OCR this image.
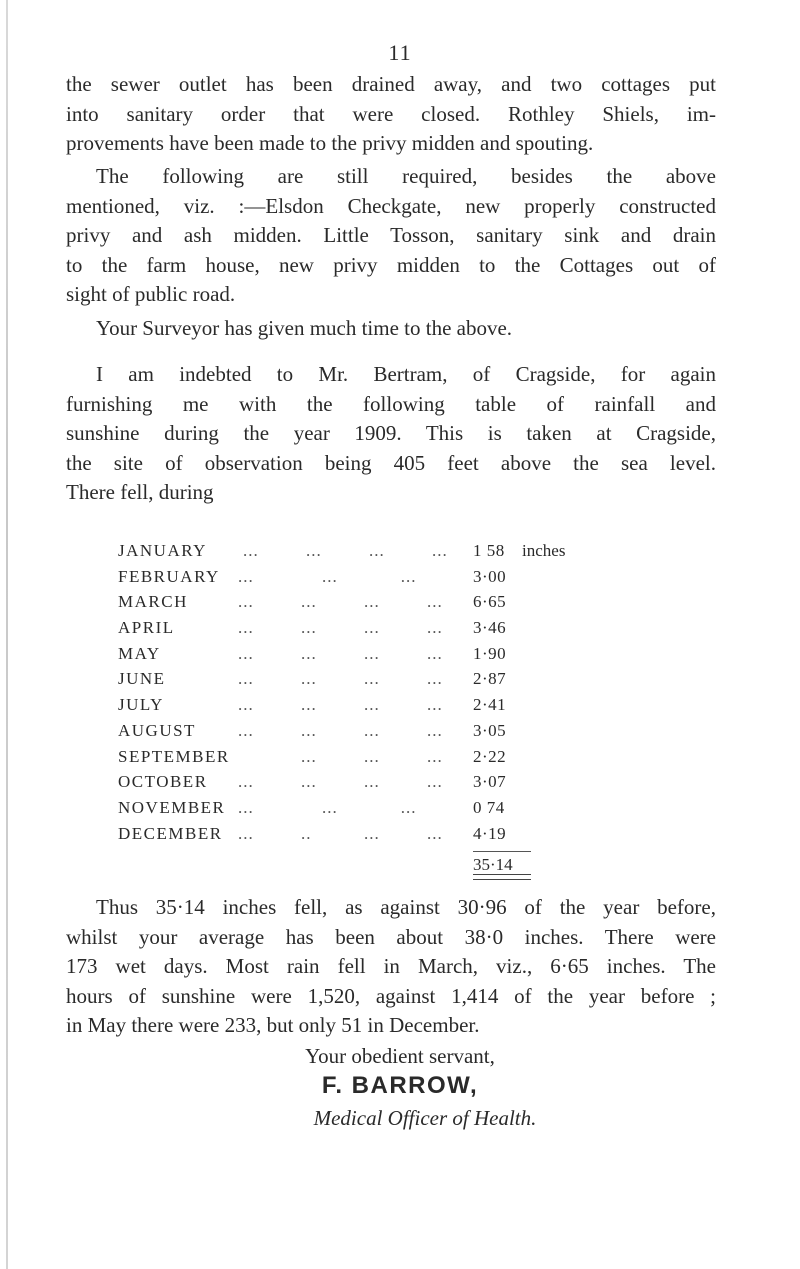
11

the sewer outlet has been drained away, and two cottages put
into sanitary order that were closed. Rothley Shiels, im-
provements have been made to the privy midden and spouting.

The following are still required, besides the above
mentioned, viz. :—Elsdon Checkgate, new properly constructed
privy and ash midden. Little Tosson, sanitary sink and drain
to the farm house, new privy midden to the Cottages out of
sight of public road.

Your Surveyor has given much time to the above.

I am indebted to Mr. Bertram, of Cragside, for again
furnishing me with the following table of rainfall and
sunshine during the year 1909. This is taken at Cragside,
the site of observation being 405 feet above the sea level.
There fell, during

JANUARY ...         ...         ...         ...	1 58 inches
FEBRUARY ...             ...            ...	3·00
MARCH	...         ...         ...         ...	6·65
APRIL	...         ...         ...         ...	3·46
MAY	...         ...         ...         ...	1·90
JUNE	...         ...         ...         ...	2·87
JULY	...         ...         ...         ...	2·41
AUGUST ...         ...         ...         ...	3·05
SEPTEMBER ...         ...         ...	2·22
OCTOBER ...         ...         ...         ...	3·07
NOVEMBER ...             ...            ...	0 74
DECEMBER ...         ..          ...         ...	4·19
35·14

Thus 35·14 inches fell, as against 30·96 of the year before,
whilst your average has been about 38·0 inches. There were
173 wet days. Most rain fell in March, viz., 6·65 inches. The
hours of sunshine were 1,520, against 1,414 of the year before ;
in May there were 233, but only 51 in December.

Your obedient servant,
F. BARROW,
Medical Officer of Health.
